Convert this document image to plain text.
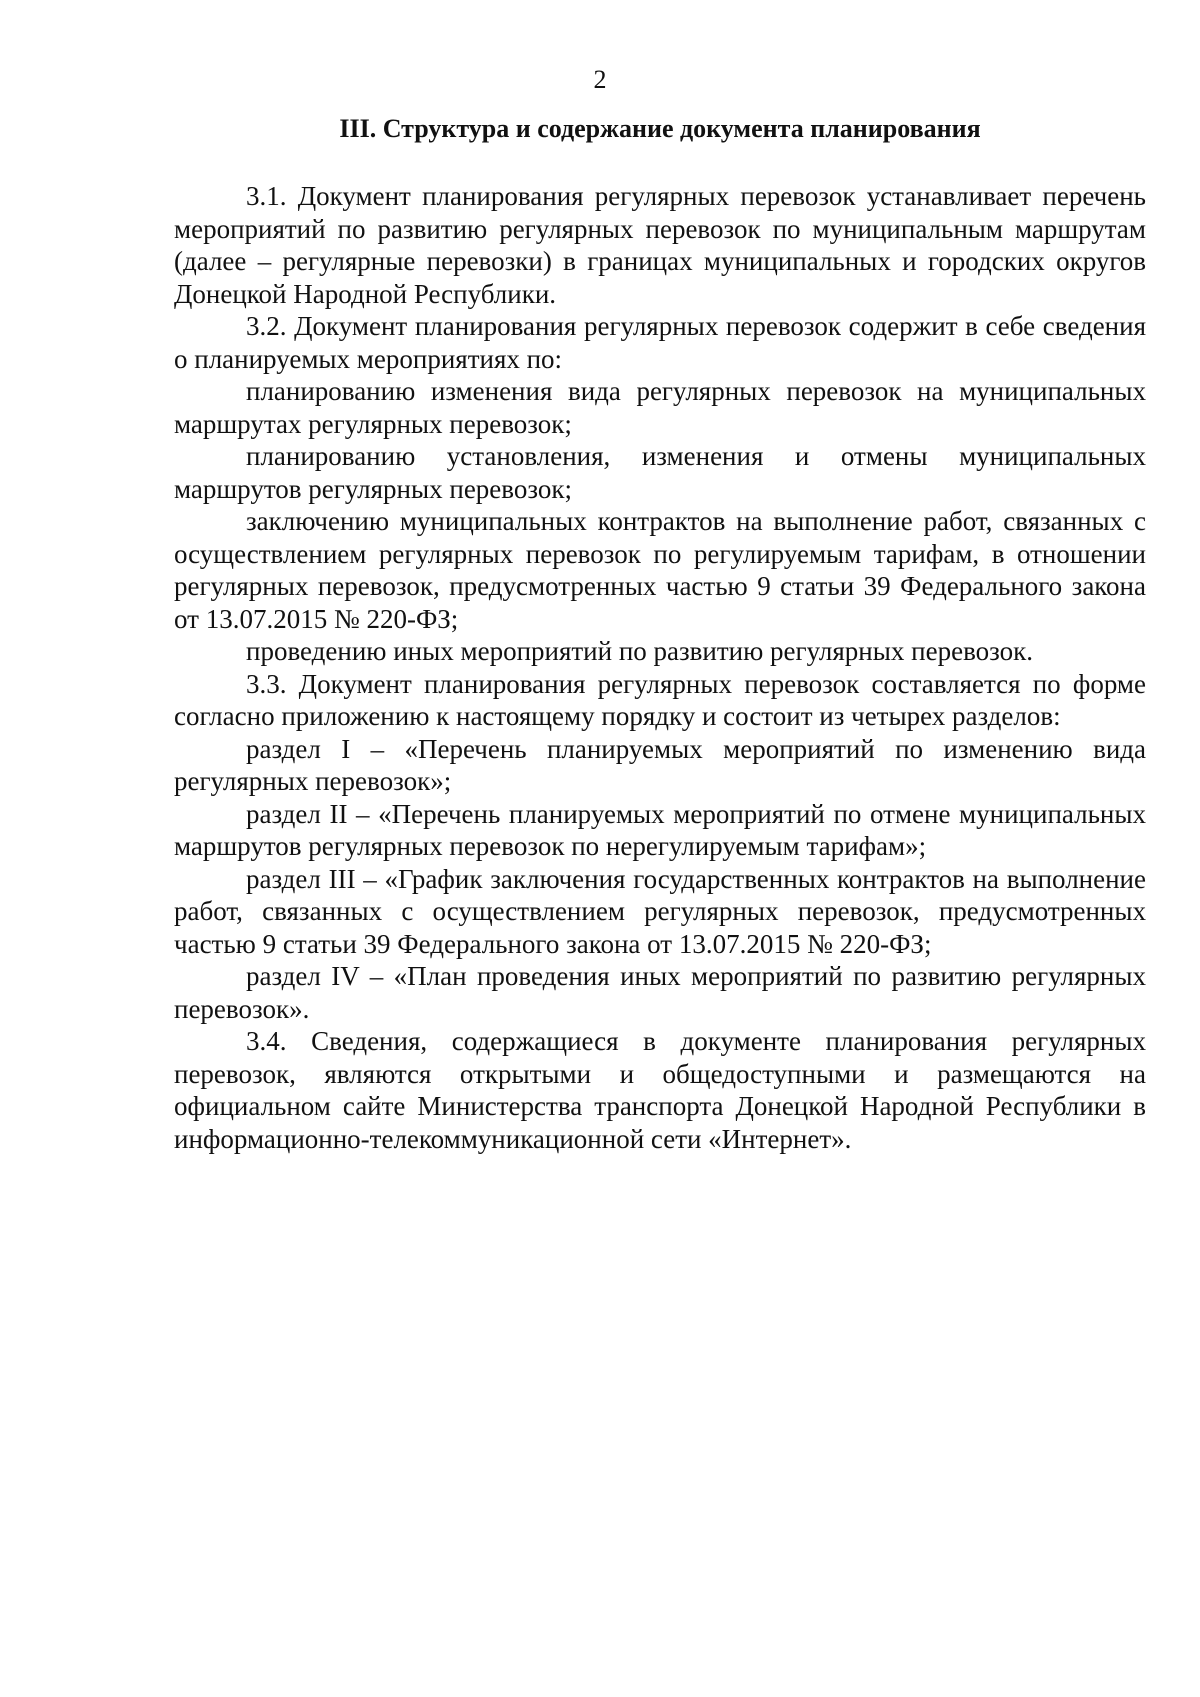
2
III. Структура и содержание документа планирования

3.1. Документ планирования регулярных перевозок устанавливает перечень мероприятий по развитию регулярных перевозок по муниципальным маршрутам (далее – регулярные перевозки) в границах муниципальных и городских округов Донецкой Народной Республики.

3.2. Документ планирования регулярных перевозок содержит в себе сведения о планируемых мероприятиях по:

планированию изменения вида регулярных перевозок на муниципальных маршрутах регулярных перевозок;

планированию установления, изменения и отмены муниципальных маршрутов регулярных перевозок;

заключению муниципальных контрактов на выполнение работ, связанных с осуществлением регулярных перевозок по регулируемым тарифам, в отношении регулярных перевозок, предусмотренных частью 9 статьи 39 Федерального закона от 13.07.2015 № 220-ФЗ;

проведению иных мероприятий по развитию регулярных перевозок.

3.3. Документ планирования регулярных перевозок составляется по форме согласно приложению к настоящему порядку и состоит из четырех разделов:

раздел I – «Перечень планируемых мероприятий по изменению вида регулярных перевозок»;

раздел II – «Перечень планируемых мероприятий по отмене муниципальных маршрутов регулярных перевозок по нерегулируемым тарифам»;

раздел III – «График заключения государственных контрактов на выполнение работ, связанных с осуществлением регулярных перевозок, предусмотренных частью 9 статьи 39 Федерального закона от 13.07.2015 № 220-ФЗ;

раздел IV – «План проведения иных мероприятий по развитию регулярных перевозок».

3.4. Сведения, содержащиеся в документе планирования регулярных перевозок, являются открытыми и общедоступными и размещаются на официальном сайте Министерства транспорта Донецкой Народной Республики в информационно-телекоммуникационной сети «Интернет».
